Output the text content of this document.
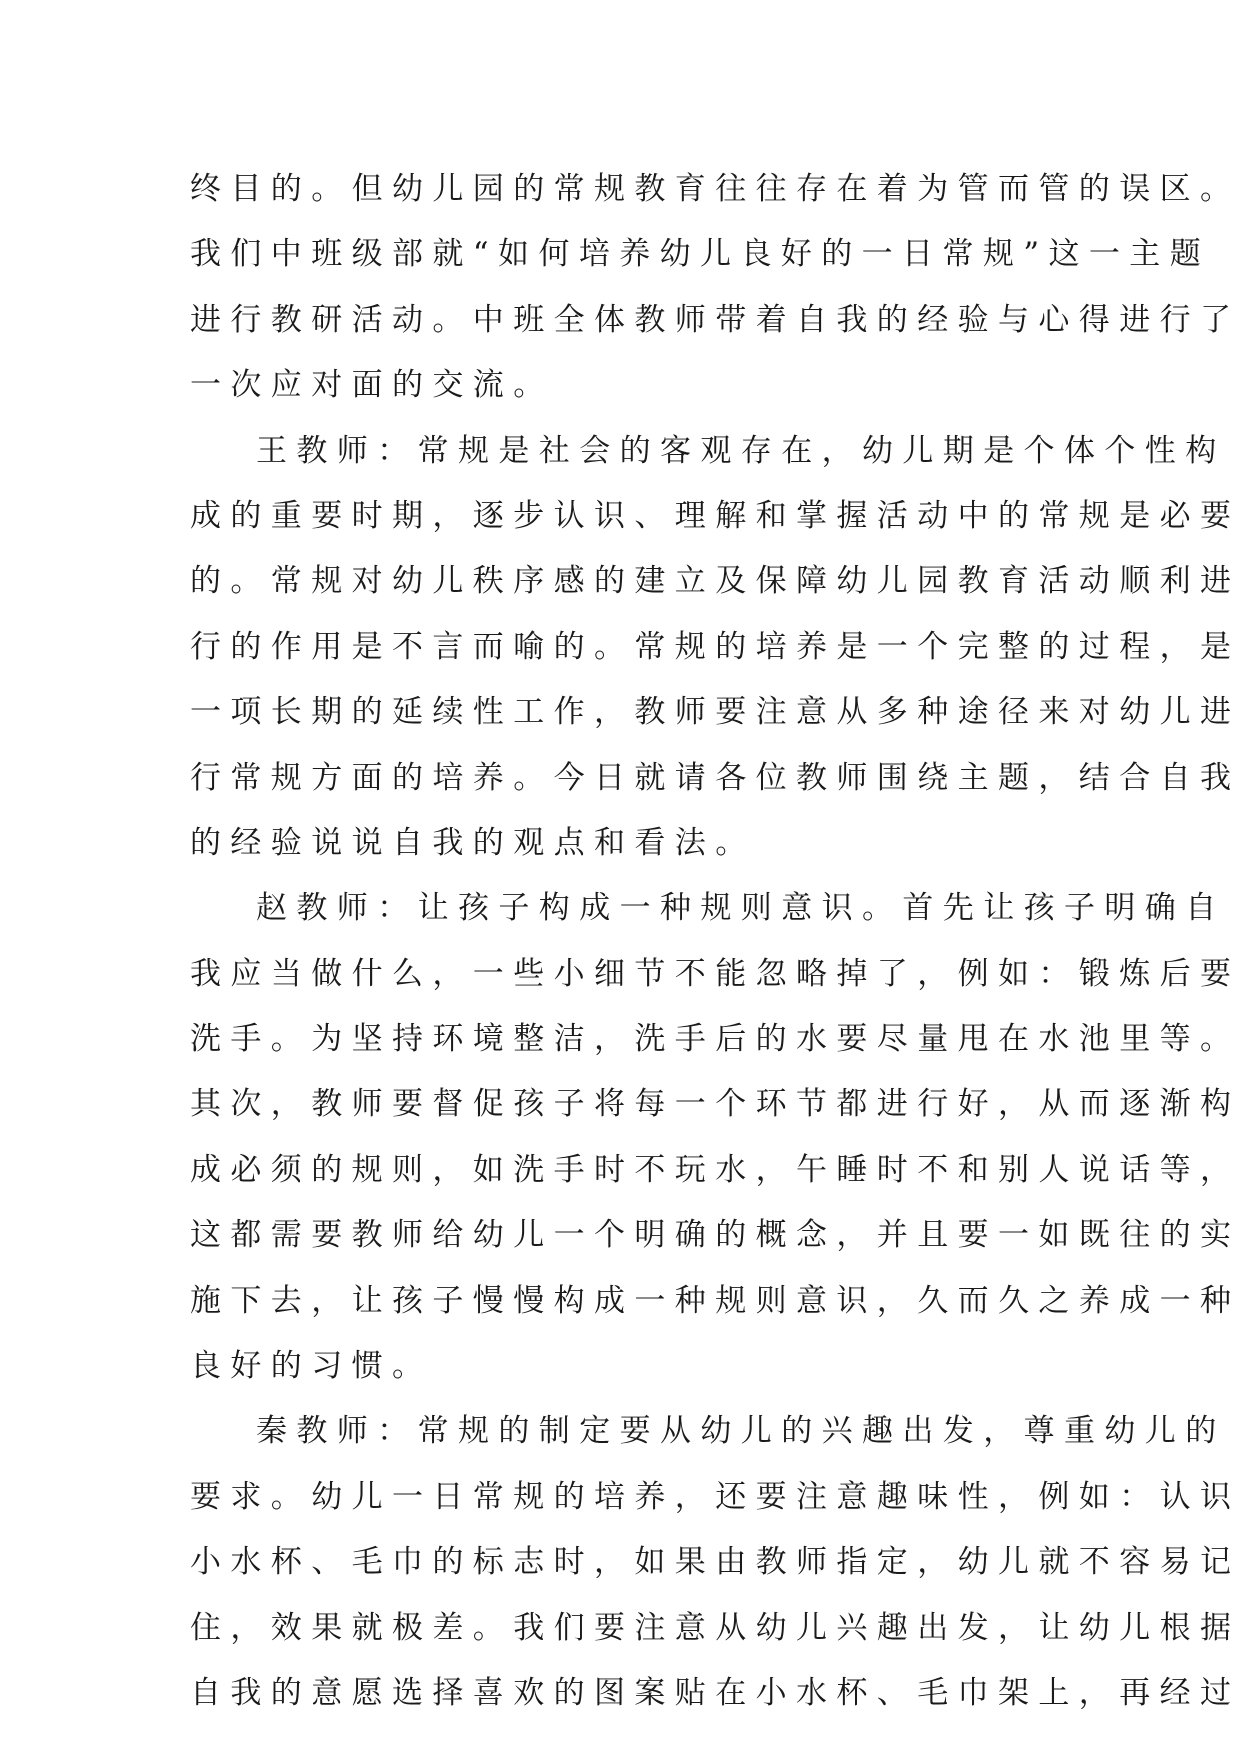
终目的。但幼儿园的常规教育往往存在着为管而管的误区。
我们中班级部就“如何培养幼儿良好的一日常规”这一主题
进行教研活动。中班全体教师带着自我的经验与心得进行了
一次应对面的交流。
王教师：常规是社会的客观存在，幼儿期是个体个性构
成的重要时期，逐步认识、理解和掌握活动中的常规是必要
的。常规对幼儿秩序感的建立及保障幼儿园教育活动顺利进
行的作用是不言而喻的。常规的培养是一个完整的过程，是
一项长期的延续性工作，教师要注意从多种途径来对幼儿进
行常规方面的培养。今日就请各位教师围绕主题，结合自我
的经验说说自我的观点和看法。
赵教师：让孩子构成一种规则意识。首先让孩子明确自
我应当做什么，一些小细节不能忽略掉了，例如：锻炼后要
洗手。为坚持环境整洁，洗手后的水要尽量甩在水池里等。
其次，教师要督促孩子将每一个环节都进行好，从而逐渐构
成必须的规则，如洗手时不玩水，午睡时不和别人说话等，
这都需要教师给幼儿一个明确的概念，并且要一如既往的实
施下去，让孩子慢慢构成一种规则意识，久而久之养成一种
良好的习惯。
秦教师：常规的制定要从幼儿的兴趣出发，尊重幼儿的
要求。幼儿一日常规的培养，还要注意趣味性，例如：认识
小水杯、毛巾的标志时，如果由教师指定，幼儿就不容易记
住，效果就极差。我们要注意从幼儿兴趣出发，让幼儿根据
自我的意愿选择喜欢的图案贴在小水杯、毛巾架上，再经过
